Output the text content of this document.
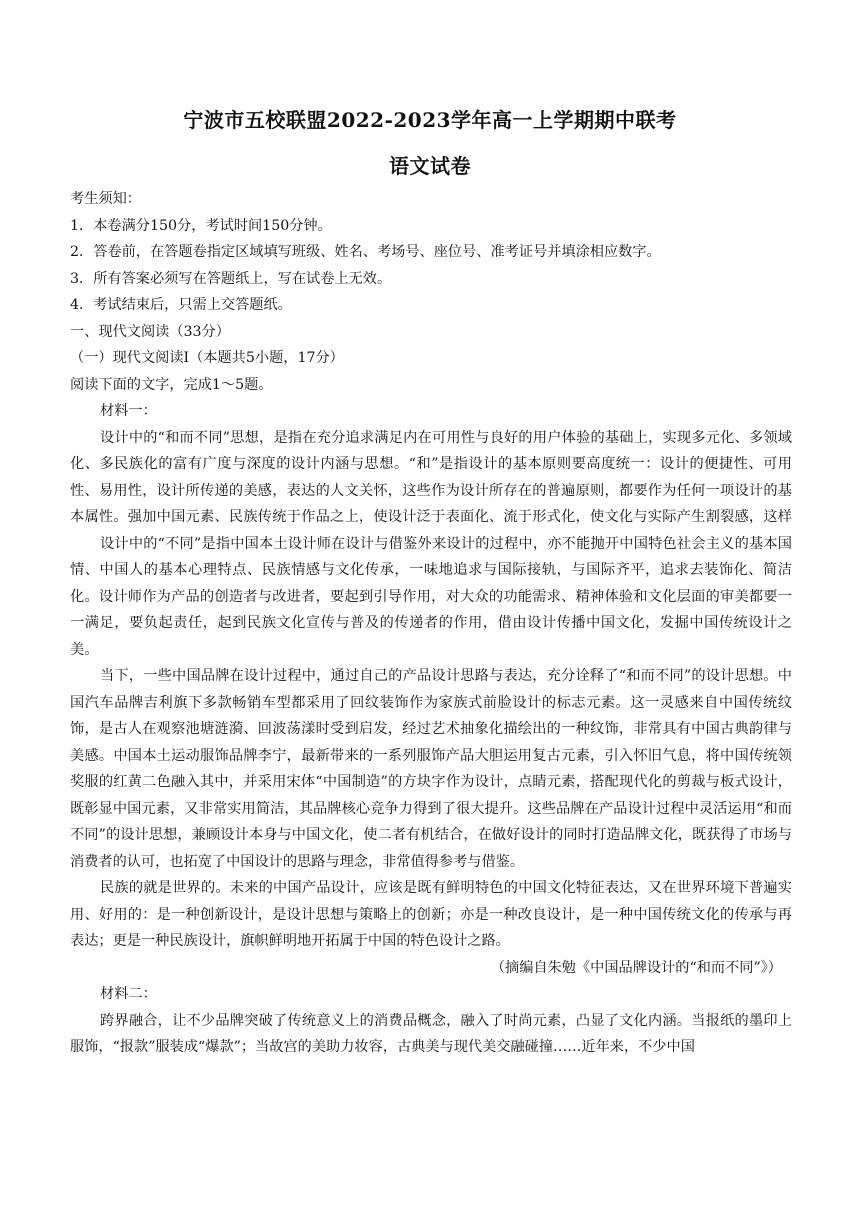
宁波市五校联盟2022-2023学年高一上学期期中联考
语文试卷
考生须知：
1．本卷满分150分，考试时间150分钟。
2．答卷前，在答题卷指定区域填写班级、姓名、考场号、座位号、准考证号并填涂相应数字。
3．所有答案必须写在答题纸上，写在试卷上无效。
4．考试结束后，只需上交答题纸。
一、现代文阅读（33分）
（一）现代文阅读Ⅰ（本题共5小题，17分）
阅读下面的文字，完成1～5题。
材料一：
设计中的“和而不同”思想，是指在充分追求满足内在可用性与良好的用户体验的基础上，实现多元化、多领域化、多民族化的富有广度与深度的设计内涵与思想。“和”是指设计的基本原则要高度统一：设计的便捷性、可用性、易用性，设计所传递的美感，表达的人文关怀，这些作为设计所存在的普遍原则，都要作为任何一项设计的基本属性。强加中国元素、民族传统于作品之上，使设计泛于表面化、流于形式化，使文化与实际产生割裂感，这样
设计中的“不同”是指中国本土设计师在设计与借鉴外来设计的过程中，亦不能抛开中国特色社会主义的基本国情、中国人的基本心理特点、民族情感与文化传承，一味地追求与国际接轨，与国际齐平，追求去装饰化、简洁化。设计师作为产品的创造者与改进者，要起到引导作用，对大众的功能需求、精神体验和文化层面的审美都要一一满足，要负起责任，起到民族文化宣传与普及的传递者的作用，借由设计传播中国文化，发掘中国传统设计之美。
当下，一些中国品牌在设计过程中，通过自己的产品设计思路与表达，充分诠释了“和而不同”的设计思想。中国汽车品牌吉利旗下多款畅销车型都采用了回纹装饰作为家族式前脸设计的标志元素。这一灵感来自中国传统纹饰，是古人在观察池塘涟漪、回波荡漾时受到启发，经过艺术抽象化描绘出的一种纹饰，非常具有中国古典韵律与美感。中国本土运动服饰品牌李宁，最新带来的一系列服饰产品大胆运用复古元素，引入怀旧气息，将中国传统领奖服的红黄二色融入其中，并采用宋体“中国制造”的方块字作为设计，点睛元素，搭配现代化的剪裁与板式设计，既彰显中国元素，又非常实用简洁，其品牌核心竞争力得到了很大提升。这些品牌在产品设计过程中灵活运用“和而不同”的设计思想，兼顾设计本身与中国文化，使二者有机结合，在做好设计的同时打造品牌文化，既获得了市场与消费者的认可，也拓宽了中国设计的思路与理念，非常值得参考与借鉴。
民族的就是世界的。未来的中国产品设计，应该是既有鲜明特色的中国文化特征表达，又在世界环境下普遍实用、好用的：是一种创新设计，是设计思想与策略上的创新；亦是一种改良设计，是一种中国传统文化的传承与再表达；更是一种民族设计，旗帜鲜明地开拓属于中国的特色设计之路。
（摘编自朱勉《中国品牌设计的“和而不同”》）
材料二：
跨界融合，让不少品牌突破了传统意义上的消费品概念，融入了时尚元素，凸显了文化内涵。当报纸的墨印上服饰，“报款”服装成“爆款”；当故宫的美助力妆容，古典美与现代美交融碰撞……近年来，不少中国
